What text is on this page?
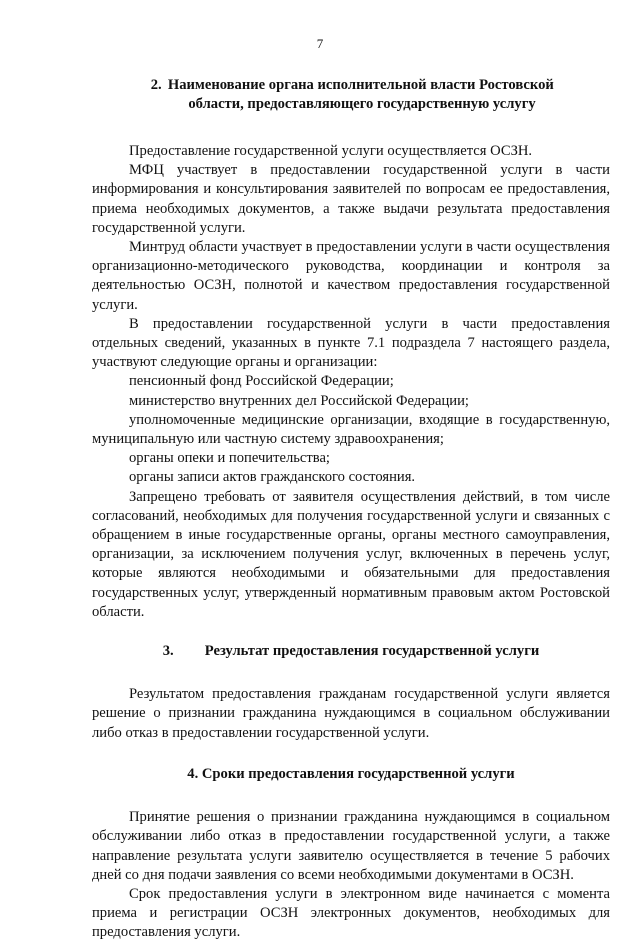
7
2. Наименование органа исполнительной власти Ростовской
области, предоставляющего государственную услугу

Предоставление государственной услуги осуществляется ОСЗН.

МФЦ участвует в предоставлении государственной услуги в части информирования и консультирования заявителей по вопросам ее предоставления, приема необходимых документов, а также выдачи результата предоставления государственной услуги.

Минтруд области участвует в предоставлении услуги в части осуществления организационно-методического руководства, координации и контроля за деятельностью ОСЗН, полнотой и качеством предоставления государственной услуги.

В предоставлении государственной услуги в части предоставления отдельных сведений, указанных в пункте 7.1 подраздела 7 настоящего раздела, участвуют следующие органы и организации:

пенсионный фонд Российской Федерации;

министерство внутренних дел Российской Федерации;

уполномоченные медицинские организации, входящие в государственную, муниципальную или частную систему здравоохранения;

органы опеки и попечительства;

органы записи актов гражданского состояния.

Запрещено требовать от заявителя осуществления действий, в том числе согласований, необходимых для получения государственной услуги и связанных с обращением в иные государственные органы, органы местного самоуправления, организации, за исключением получения услуг, включенных в перечень услуг, которые являются необходимыми и обязательными для предоставления государственных услуг, утвержденный нормативным правовым актом Ростовской области.

3. Результат предоставления государственной услуги

Результатом предоставления гражданам государственной услуги является решение о признании гражданина нуждающимся в социальном обслуживании либо отказ в предоставлении государственной услуги.

4. Сроки предоставления государственной услуги

Принятие решения о признании гражданина нуждающимся в социальном обслуживании либо отказ в предоставлении государственной услуги, а также направление результата услуги заявителю осуществляется в течение 5 рабочих дней со дня подачи заявления со всеми необходимыми документами в ОСЗН.

Срок предоставления услуги в электронном виде начинается с момента приема и регистрации ОСЗН электронных документов, необходимых для предоставления услуги.
